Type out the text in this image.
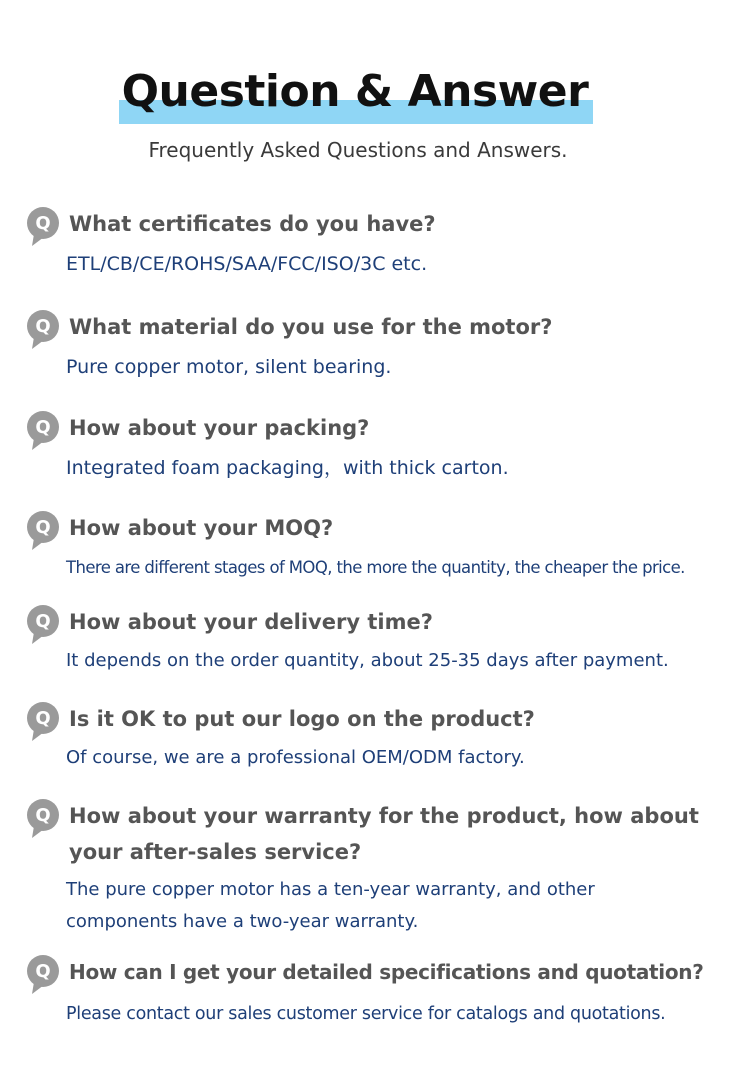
Question & Answer
Frequently Asked Questions and Answers.
Q What certificates do you have?
ETL/CB/CE/ROHS/SAA/FCC/ISO/3C etc.
Q What material do you use for the motor?
Pure copper motor, silent bearing.
Q How about your packing?
Integrated foam packaging，with thick carton.
Q How about your MOQ?
There are different stages of MOQ, the more the quantity, the cheaper the price.
Q How about your delivery time?
It depends on the order quantity, about 25-35 days after payment.
Q Is it OK to put our logo on the product?
Of course, we are a professional OEM/ODM factory.
Q How about your warranty for the product, how about your after-sales service?
The pure copper motor has a ten-year warranty, and other components have a two-year warranty.
Q How can I get your detailed specifications and quotation?
Please contact our sales customer service for catalogs and quotations.
